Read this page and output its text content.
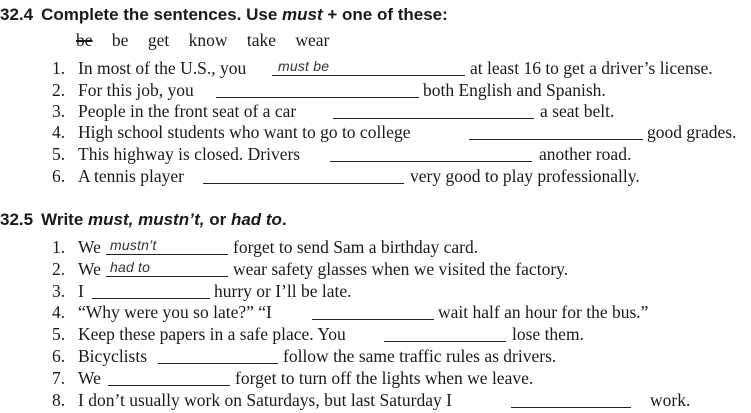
32.4 Complete the sentences. Use must + one of these:
be be get know take wear
1. In most of the U.S., you must be	at least 16 to get a driver’s license.
2. For this job, you	both English and Spanish.
3. People in the front seat of a car	a seat belt.
4. High school students who want to go to college	good grades.
5. This highway is closed. Drivers	another road.
6. A tennis player	very good to play professionally.
32.5 Write must, mustn’t, or had to.
1. We mustn’t	forget to send Sam a birthday card.
2. We had to	wear safety glasses when we visited the factory.
3. I	hurry or I’ll be late.
4. “Why were you so late?” “I	wait half an hour for the bus.”
5. Keep these papers in a safe place. You	lose them.
6. Bicyclists	follow the same traffic rules as drivers.
7. We	forget to turn off the lights when we leave.
8. I don’t usually work on Saturdays, but last Saturday I	work.
